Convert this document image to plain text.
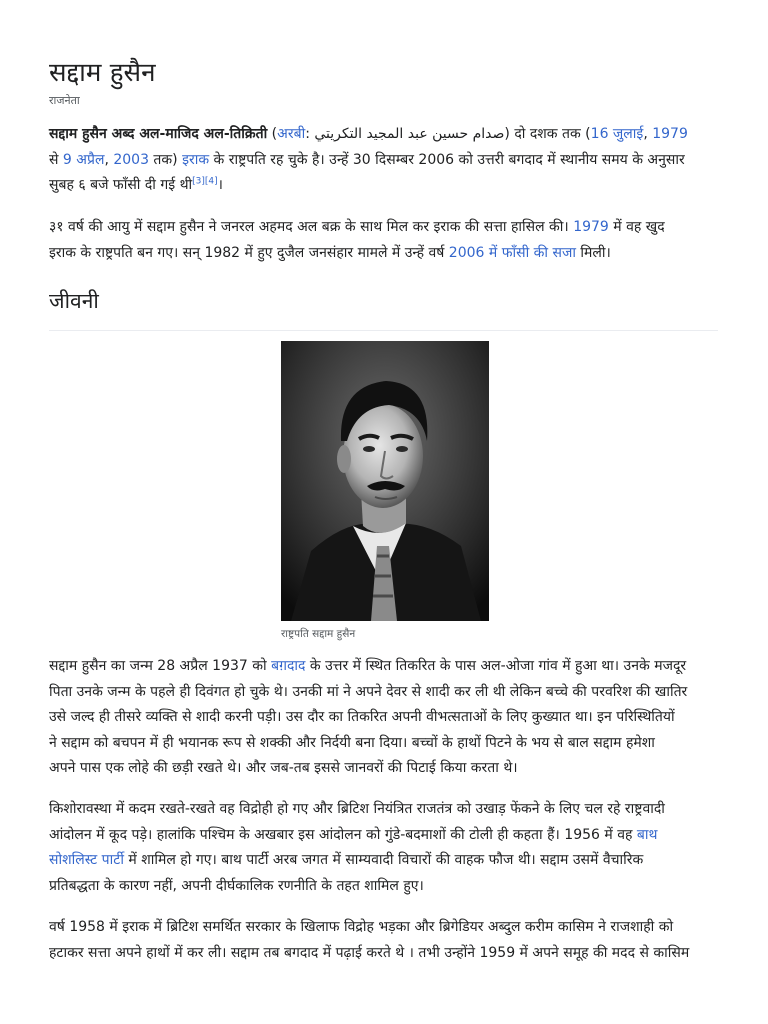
सद्दाम हुसैन
राजनेता

सद्दाम हुसैन अब्द अल-माजिद अल-तिक्रिती (अरबी: صدام حسين عبد المجيد التكريتي) दो दशक तक (16 जुलाई, 1979
से 9 अप्रैल, 2003 तक) इराक के राष्ट्रपति रह चुके है। उन्हें 30 दिसम्बर 2006 को उत्तरी बगदाद में स्थानीय समय के अनुसार
सुबह ६ बजे फाँसी दी गई थी[3][4]।

३१ वर्ष की आयु में सद्दाम हुसैन ने जनरल अहमद अल बक्र के साथ मिल कर इराक की सत्ता हासिल की। 1979 में वह खुद
इराक के राष्ट्रपति बन गए। सन् 1982 में हुए दुजैल जनसंहार मामले में उन्हें वर्ष 2006 में फाँसी की सजा मिली।

जीवनी
राष्ट्रपति सद्दाम हुसैन

सद्दाम हुसैन का जन्म 28 अप्रैल 1937 को बग़दाद के उत्तर में स्थित तिकरित के पास अल-ओजा गांव में हुआ था। उनके मजदूर
पिता उनके जन्म के पहले ही दिवंगत हो चुके थे। उनकी मां ने अपने देवर से शादी कर ली थी लेकिन बच्चे की परवरिश की खातिर
उसे जल्द ही तीसरे व्यक्ति से शादी करनी पड़ी। उस दौर का तिकरित अपनी वीभत्सताओं के लिए कुख्यात था। इन परिस्थितियों
ने सद्दाम को बचपन में ही भयानक रूप से शक्की और निर्दयी बना दिया। बच्चों के हाथों पिटने के भय से बाल सद्दाम हमेशा
अपने पास एक लोहे की छड़ी रखते थे। और जब-तब इससे जानवरों की पिटाई किया करता थे।

किशोरावस्था में कदम रखते-रखते वह विद्रोही हो गए और ब्रिटिश नियंत्रित राजतंत्र को उखाड़ फेंकने के लिए चल रहे राष्ट्रवादी
आंदोलन में कूद पड़े। हालांकि पश्चिम के अखबार इस आंदोलन को गुंडे-बदमाशों की टोली ही कहता हैं। 1956 में वह बाथ
सोशलिस्ट पार्टी में शामिल हो गए। बाथ पार्टी अरब जगत में साम्यवादी विचारों की वाहक फौज थी। सद्दाम उसमें वैचारिक
प्रतिबद्धता के कारण नहीं, अपनी दीर्घकालिक रणनीति के तहत शामिल हुए।

वर्ष 1958 में इराक में ब्रिटिश समर्थित सरकार के खिलाफ विद्रोह भड़का और ब्रिगेडियर अब्दुल करीम कासिम ने राजशाही को
हटाकर सत्ता अपने हाथों में कर ली। सद्दाम तब बगदाद में पढ़ाई करते थे । तभी उन्होंने 1959 में अपने समूह की मदद से कासिम
